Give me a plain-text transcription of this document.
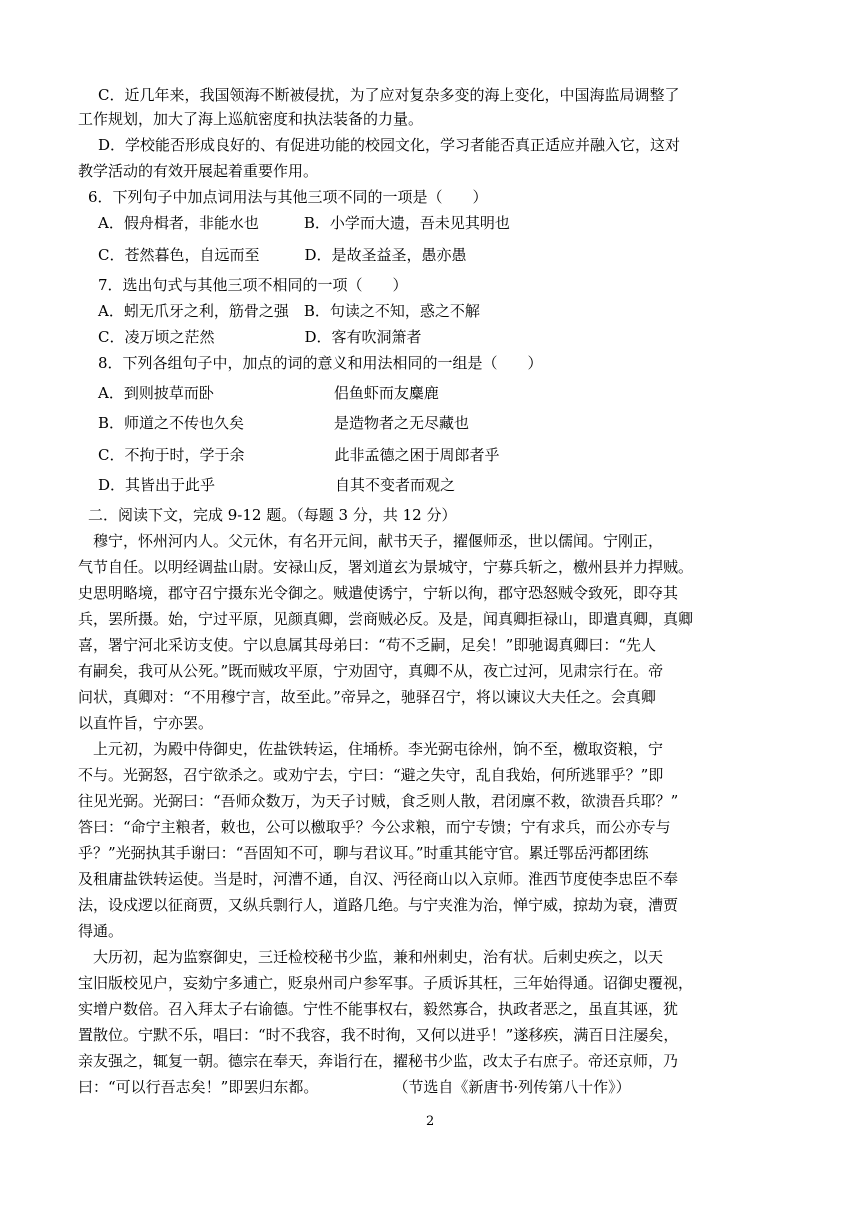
C．近几年来，我国领海不断被侵扰，为了应对复杂多变的海上变化，中国海监局调整了
工作规划，加大了海上巡航密度和执法装备的力量。
D．学校能否形成良好的、有促进功能的校园文化，学习者能否真正适应并融入它，这对
教学活动的有效开展起着重要作用。
6．下列句子中加点词用法与其他三项不同的一项是（　　）
A．假舟楫者，非能水也　　　B．小学而大遗，吾未见其明也
C．苍然暮色，自远而至　　　D．是故圣益圣，愚亦愚
7．选出句式与其他三项不相同的一项（　　）
A．蚓无爪牙之利，筋骨之强　B．句读之不知，惑之不解
C．凌万顷之茫然　　　　　　D．客有吹洞箫者
8．下列各组句子中，加点的词的意义和用法相同的一组是（　　）
A．到则披草而卧　　　　　　　　侣鱼虾而友麋鹿
B．师道之不传也久矣　　　　　　是造物者之无尽藏也
C．不拘于时，学于余　　　　　　此非孟德之困于周郎者乎
D．其皆出于此乎　　　　　　　　自其不变者而观之
二．阅读下文，完成 9-12 题。（每题 3 分，共 12 分）
　穆宁，怀州河内人。父元休，有名开元间，献书天子，擢偃师丞，世以儒闻。宁刚正，
气节自任。以明经调盐山尉。安禄山反，署刘道玄为景城守，宁募兵斩之，檄州县并力捍贼。
史思明略境，郡守召宁摄东光令御之。贼遣使诱宁，宁斩以徇，郡守恐怒贼令致死，即夺其
兵，罢所摄。始，宁过平原，见颜真卿，尝商贼必反。及是，闻真卿拒禄山，即遣真卿，真卿
喜，署宁河北采访支使。宁以息属其母弟曰：“苟不乏嗣，足矣！”即驰谒真卿曰：“先人
有嗣矣，我可从公死。”既而贼攻平原，宁劝固守，真卿不从，夜亡过河，见肃宗行在。帝
问状，真卿对：“不用穆宁言，故至此。”帝异之，驰驿召宁，将以谏议大夫任之。会真卿
以直忤旨，宁亦罢。
　上元初，为殿中侍御史，佐盐铁转运，住埇桥。李光弼屯徐州，饷不至，檄取资粮，宁
不与。光弼怒，召宁欲杀之。或劝宁去，宁曰：“避之失守，乱自我始，何所逃罪乎？”即
往见光弼。光弼曰：“吾师众数万，为天子讨贼，食乏则人散，君闭廪不救，欲溃吾兵耶？”
答曰：“命宁主粮者，敕也，公可以檄取乎？今公求粮，而宁专馈；宁有求兵，而公亦专与
乎？”光弼执其手谢曰：“吾固知不可，聊与君议耳。”时重其能守官。累迁鄂岳沔都团练
及租庸盐铁转运使。当是时，河漕不通，自汉、沔径商山以入京师。淮西节度使李忠臣不奉
法，设戍逻以征商贾，又纵兵剽行人，道路几绝。与宁夹淮为治，惮宁威，掠劫为衰，漕贾
得通。
　大历初，起为监察御史，三迁检校秘书少监，兼和州刺史，治有状。后刺史疾之，以天
宝旧版校见户，妄劾宁多逋亡，贬泉州司户参军事。子质诉其枉，三年始得通。诏御史覆视，
实增户数倍。召入拜太子右谕德。宁性不能事权右，毅然寡合，执政者恶之，虽直其诬，犹
置散位。宁默不乐，唱曰：“时不我容，我不时徇，又何以进乎！”遂移疾，满百日注屡矣，
亲友强之，辄复一朝。德宗在奉天，奔诣行在，擢秘书少监，改太子右庶子。帝还京师，乃
曰：“可以行吾志矣！”即罢归东都。　　　　　　（节选自《新唐书·列传第八十作》）
2
